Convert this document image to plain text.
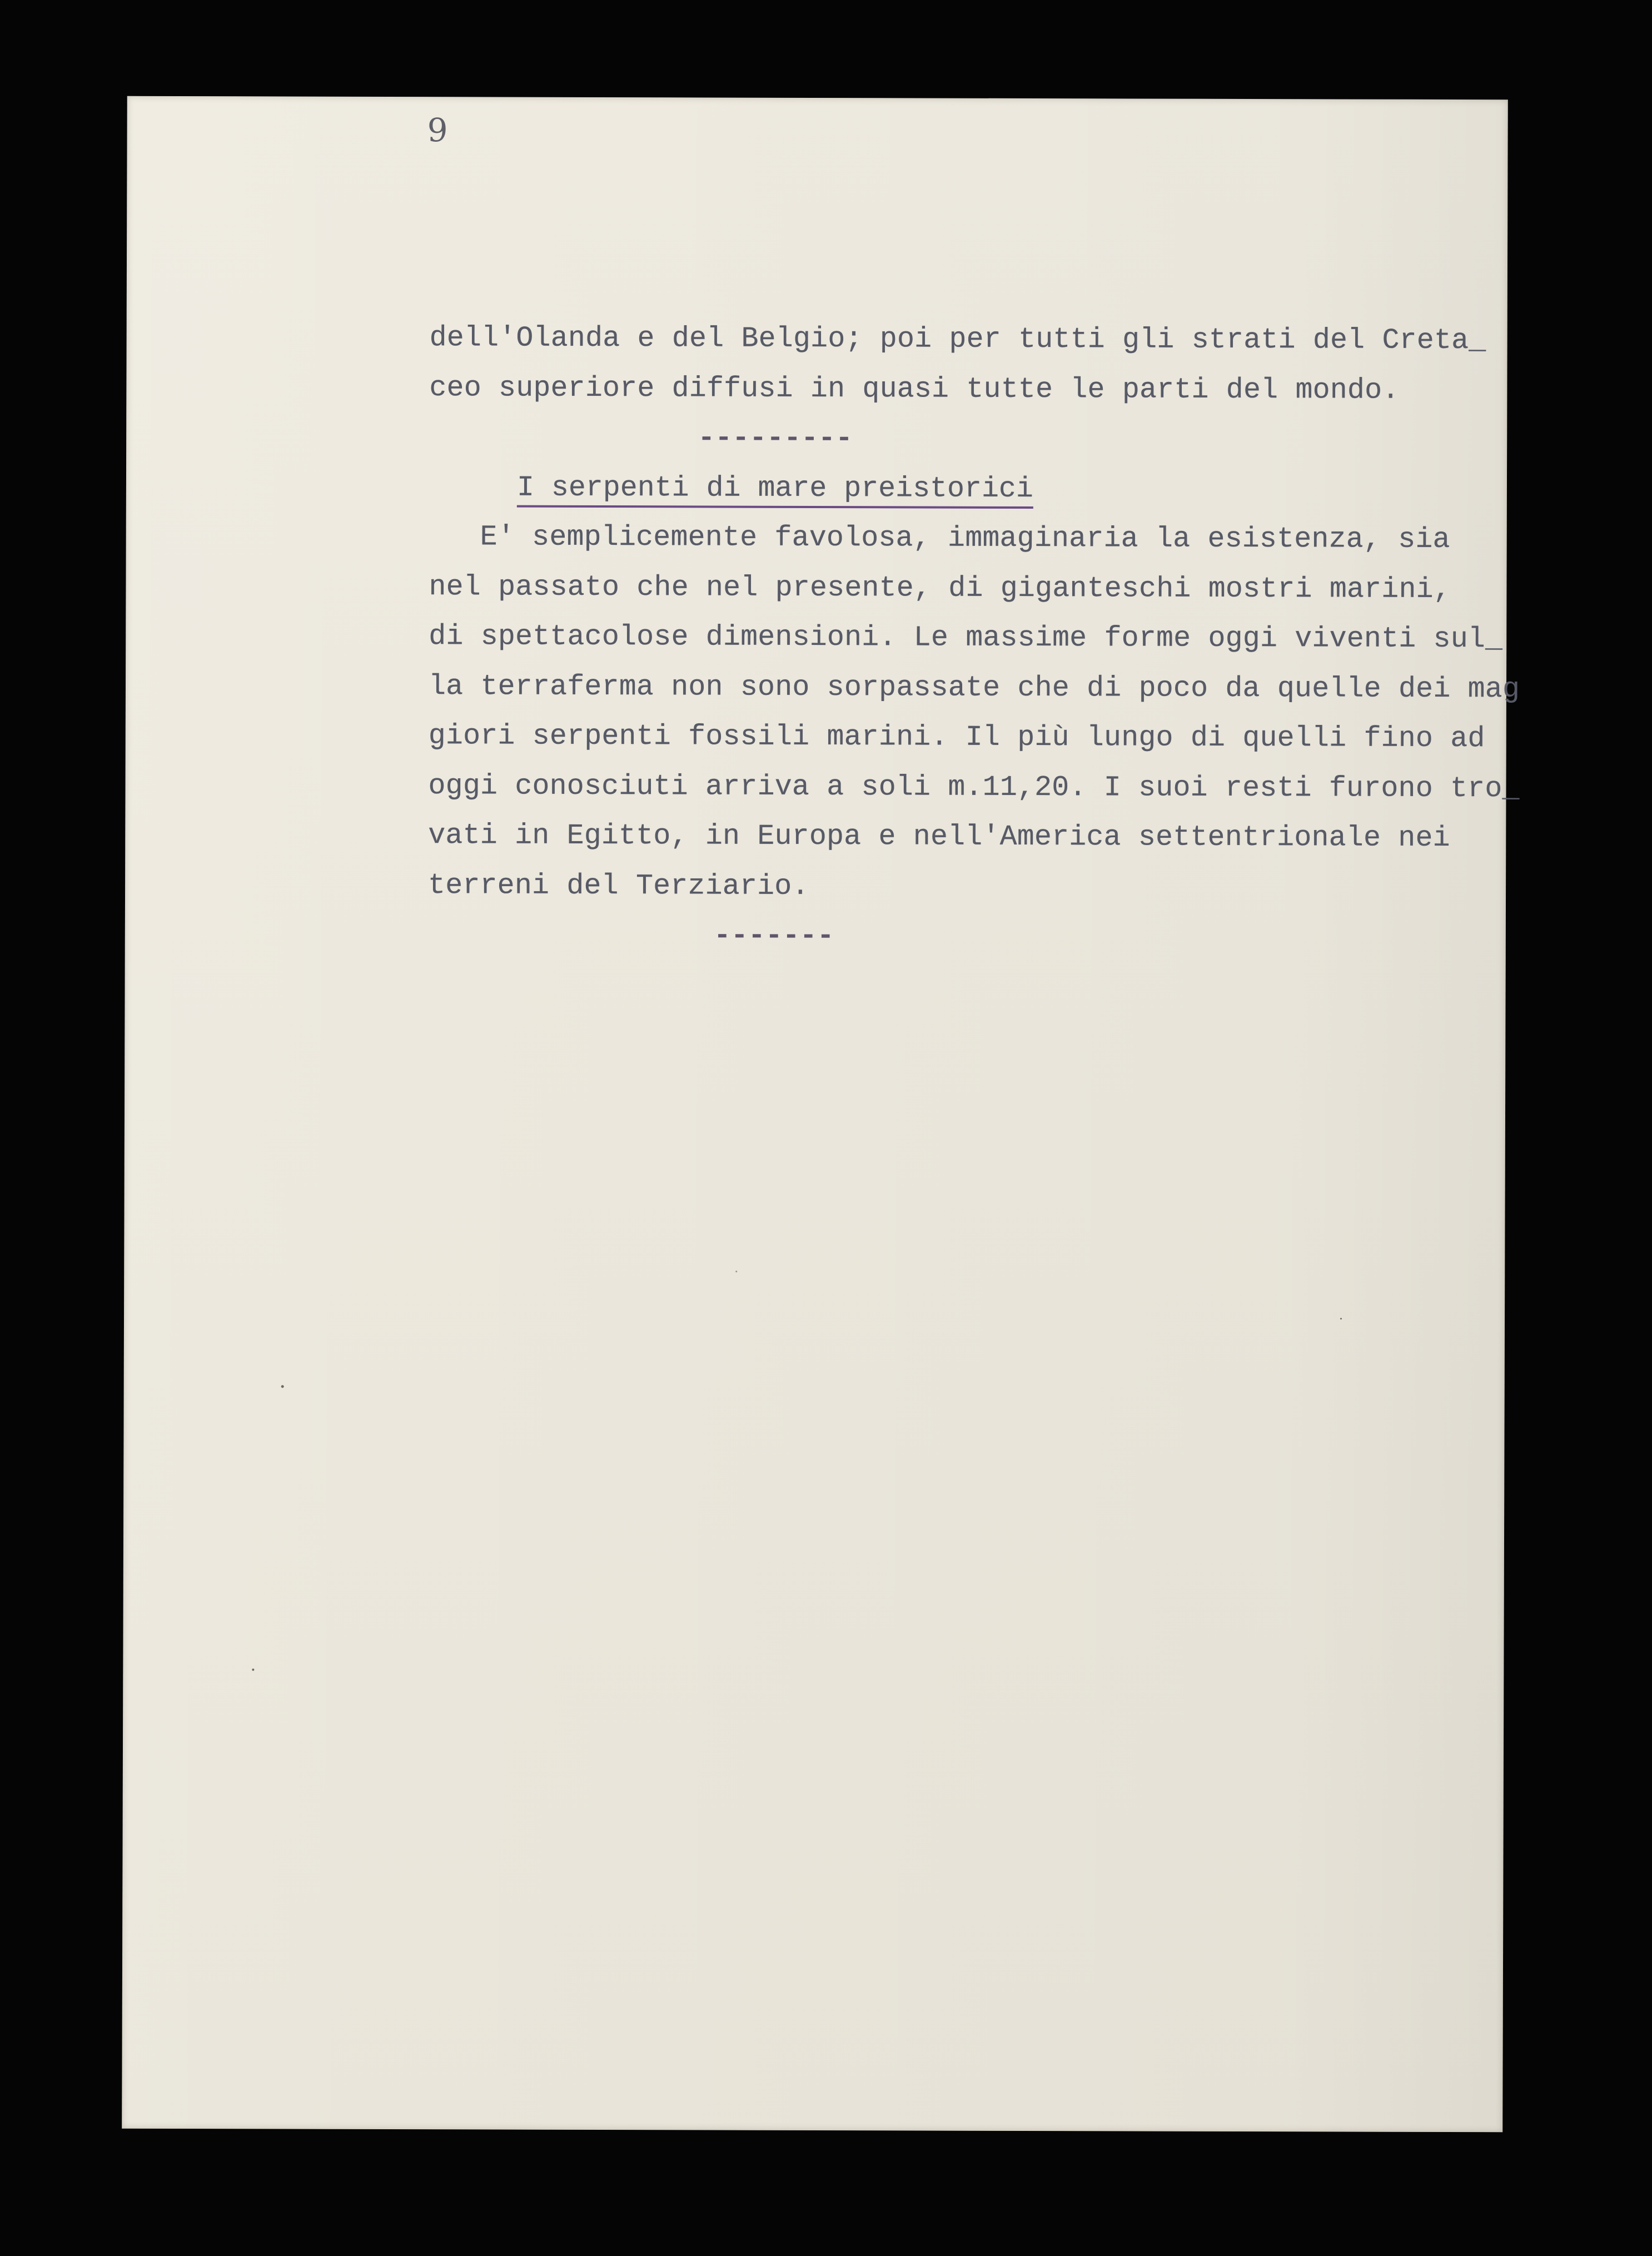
9
dell'Olanda e del Belgio; poi per tutti gli strati del Creta_
ceo superiore diffusi in quasi tutte le parti del mondo.
---------
I serpenti di mare preistorici
E' semplicemente favolosa, immaginaria la esistenza, sia
nel passato che nel presente, di giganteschi mostri marini,
di spettacolose dimensioni. Le massime forme oggi viventi sul_
la terraferma non sono sorpassate che di poco da quelle dei mag
giori serpenti fossili marini. Il più lungo di quelli fino ad
oggi conosciuti arriva a soli m.11,20. I suoi resti furono tro_
vati in Egitto, in Europa e nell'America settentrionale nei
terreni del Terziario.
-------
